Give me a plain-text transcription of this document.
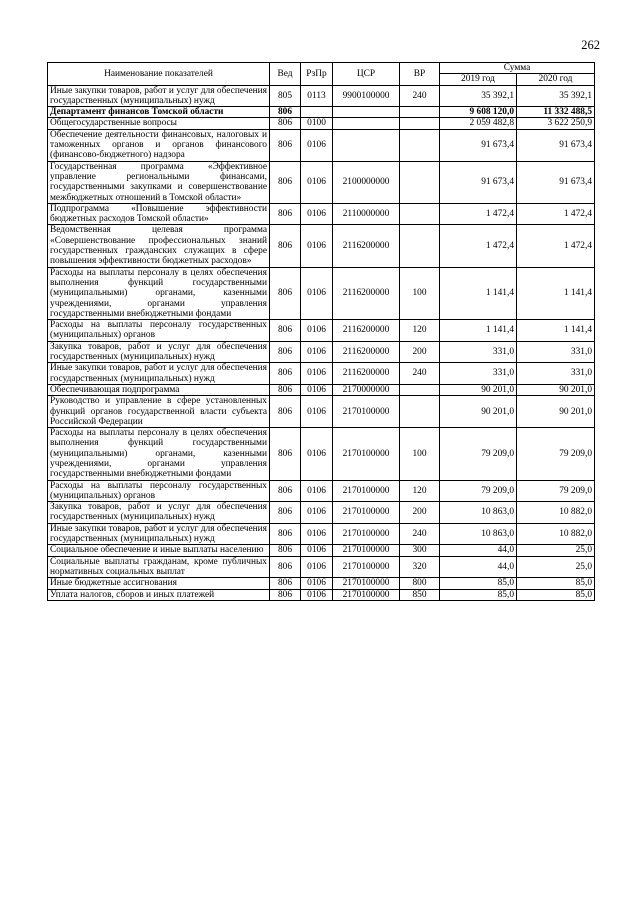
262
Наименование показателей	Вед	РзПр	ЦСР	ВР	Сумма	
					2019 год	2020 год
Иные закупки товаров, работ и услуг для обеспечения государственных (муниципальных) нужд	805	0113	9900100000	240	35 392,1	35 392,1
Департамент финансов Томской области	806				9 608 120,0	11 332 488,5
Общегосударственные вопросы	806	0100			2 059 482,8	3 622 250,9
Обеспечение деятельности финансовых, налоговых и таможенных органов и органов финансового (финансово-бюджетного) надзора	806	0106			91 673,4	91 673,4
Государственная программа «Эффективное управление региональными финансами, государственными закупками и совершенствование межбюджетных отношений в Томской области»	806	0106	2100000000		91 673,4	91 673,4
Подпрограмма «Повышение эффективности бюджетных расходов Томской области»	806	0106	2110000000		1 472,4	1 472,4
Ведомственная целевая программа «Совершенствование профессиональных знаний государственных гражданских служащих в сфере повышения эффективности бюджетных расходов»	806	0106	2116200000		1 472,4	1 472,4
Расходы на выплаты персоналу в целях обеспечения выполнения функций государственными (муниципальными) органами, казенными учреждениями, органами управления государственными внебюджетными фондами	806	0106	2116200000	100	1 141,4	1 141,4
Расходы на выплаты персоналу государственных (муниципальных) органов	806	0106	2116200000	120	1 141,4	1 141,4
Закупка товаров, работ и услуг для обеспечения государственных (муниципальных) нужд	806	0106	2116200000	200	331,0	331,0
Иные закупки товаров, работ и услуг для обеспечения государственных (муниципальных) нужд	806	0106	2116200000	240	331,0	331,0
Обеспечивающая подпрограмма	806	0106	2170000000		90 201,0	90 201,0
Руководство и управление в сфере установленных функций органов государственной власти субъекта Российской Федерации	806	0106	2170100000		90 201,0	90 201,0
Расходы на выплаты персоналу в целях обеспечения выполнения функций государственными (муниципальными) органами, казенными учреждениями, органами управления государственными внебюджетными фондами	806	0106	2170100000	100	79 209,0	79 209,0
Расходы на выплаты персоналу государственных (муниципальных) органов	806	0106	2170100000	120	79 209,0	79 209,0
Закупка товаров, работ и услуг для обеспечения государственных (муниципальных) нужд	806	0106	2170100000	200	10 863,0	10 882,0
Иные закупки товаров, работ и услуг для обеспечения государственных (муниципальных) нужд	806	0106	2170100000	240	10 863,0	10 882,0
Социальное обеспечение и иные выплаты населению	806	0106	2170100000	300	44,0	25,0
Социальные выплаты гражданам, кроме публичных нормативных социальных выплат	806	0106	2170100000	320	44,0	25,0
Иные бюджетные ассигнования	806	0106	2170100000	800	85,0	85,0
Уплата налогов, сборов и иных платежей	806	0106	2170100000	850	85,0	85,0
